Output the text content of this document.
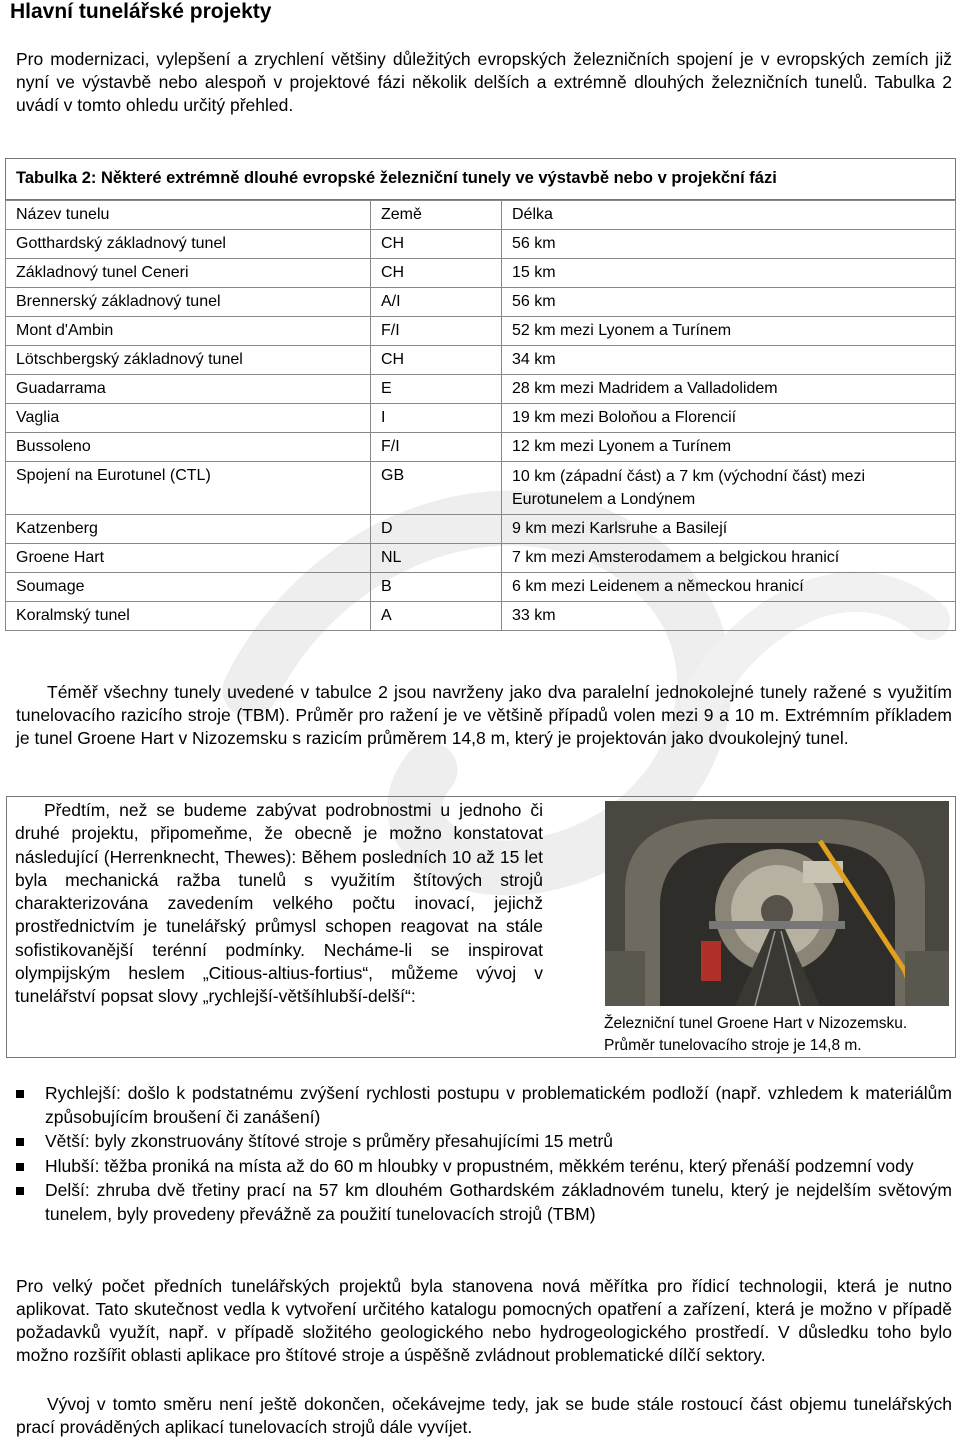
Hlavní tunelářské projekty

Pro modernizaci, vylepšení a zrychlení většiny důležitých evropských železničních spojení je v evropských zemích již nyní ve výstavbě nebo alespoň v projektové fázi několik delších a extrémně dlouhých železničních tunelů. Tabulka 2 uvádí v tomto ohledu určitý přehled.

Tabulka 2: Některé extrémně dlouhé evropské železniční tunely ve výstavbě nebo v projekční fázi
Název tunelu	Země	Délka
Gotthardský základnový tunel	CH	56 km
Základnový tunel Ceneri	CH	15 km
Brennerský základnový tunel	A/I	56 km
Mont d'Ambin	F/I	52 km mezi Lyonem a Turínem
Lötschbergský základnový tunel	CH	34 km
Guadarrama	E	28 km mezi Madridem a Valladolidem
Vaglia	I	19 km mezi Boloňou a Florencií
Bussoleno	F/I	12 km mezi Lyonem a Turínem
Spojení na Eurotunel (CTL)	GB	10 km (západní část) a 7 km (východní část) mezi Eurotunelem a Londýnem
Katzenberg	D	9 km mezi Karlsruhe a Basilejí
Groene Hart	NL	7 km mezi Amsterodamem a belgickou hranicí
Soumage	B	6 km mezi Leidenem a německou hranicí
Koralmský tunel	A	33 km

Téměř všechny tunely uvedené v tabulce 2 jsou navrženy jako dva paralelní jednokolejné tunely ražené s využitím tunelovacího razicího stroje (TBM). Průměr pro ražení je ve většině případů volen mezi 9 a 10 m. Extrémním příkladem je tunel Groene Hart v Nizozemsku s razicím průměrem 14,8 m, který je projektován jako dvoukolejný tunel.

Předtím, než se budeme zabývat podrobnostmi u jednoho či druhé projektu, připomeňme, že obecně je možno konstatovat následující (Herrenknecht, Thewes): Během posledních 10 až 15 let byla mechanická ražba tunelů s využitím štítových strojů charakterizována zavedením velkého počtu inovací, jejichž prostřednictvím je tunelářský průmysl schopen reagovat na stále sofistikovanější terénní podmínky. Necháme-li se inspirovat olympijským heslem „Citious-altius-fortius“, můžeme vývoj v tunelářství popsat slovy „rychlejší-většíhlubší-delší“:

Železniční tunel Groene Hart v Nizozemsku. Průměr tunelovacího stroje je 14,8 m.

Rychlejší: došlo k podstatnému zvýšení rychlosti postupu v problematickém podloží (např. vzhledem k materiálům způsobujícím broušení či zanášení)
Větší: byly zkonstruovány štítové stroje s průměry přesahujícími 15 metrů
Hlubší: těžba proniká na místa až do 60 m hloubky v propustném, měkkém terénu, který přenáší podzemní vody
Delší: zhruba dvě třetiny prací na 57 km dlouhém Gothardském základnovém tunelu, který je nejdelším světovým tunelem, byly provedeny převážně za použití tunelovacích strojů (TBM)

Pro velký počet předních tunelářských projektů byla stanovena nová měřítka pro řídicí technologii, která je nutno aplikovat. Tato skutečnost vedla k vytvoření určitého katalogu pomocných opatření a zařízení, která je možno v případě požadavků využít, např. v případě složitého geologického nebo hydrogeologického prostředí. V důsledku toho bylo možno rozšířit oblasti aplikace pro štítové stroje a úspěšně zvládnout problematické dílčí sektory.

Vývoj v tomto směru není ještě dokončen, očekávejme tedy, jak se bude stále rostoucí část objemu tunelářských prací prováděných aplikací tunelovacích strojů dále vyvíjet.
